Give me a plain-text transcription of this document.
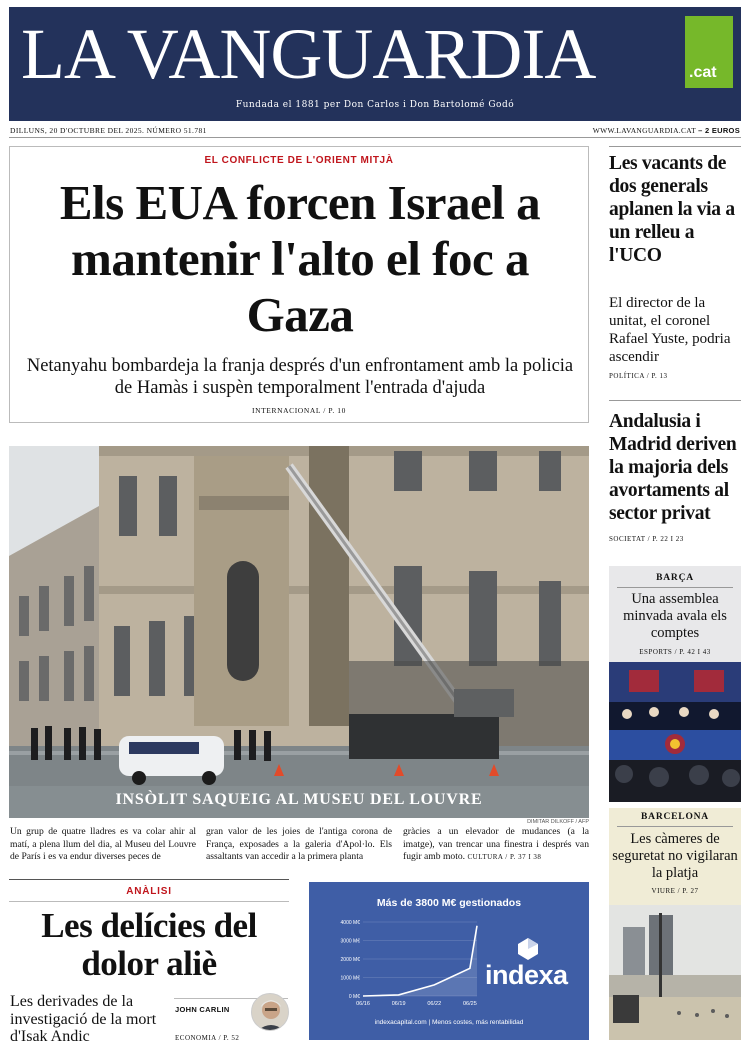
LA VANGUARDIA	.cat
Fundada el 1881 per Don Carlos i Don Bartolomé Godó
DILLUNS, 20 D'OCTUBRE DEL 2025. NÚMERO 51.781	WWW.LAVANGUARDIA.CAT – 2 EUROS
EL CONFLICTE DE L'ORIENT MITJÀ
Els EUA forcen Israel a mantenir l'alto el foc a Gaza
Netanyahu bombardeja la franja després d'un enfrontament amb la policia de Hamàs i suspèn temporalment l'entrada d'ajuda
INTERNACIONAL / P. 10
INSÒLIT SAQUEIG AL MUSEU DEL LOUVRE
DIMITAR DILKOFF / AFP
Un grup de quatre lladres es va colar ahir al matí, a plena llum del dia, al Museu del Louvre de París i es va endur diverses peces de
gran valor de les joies de l'antiga corona de França, exposades a la galeria d'Apol·lo. Els assaltants van accedir a la primera planta
gràcies a un elevador de mudances (a la imatge), van trencar una finestra i després van fugir amb moto. CULTURA / P. 37 I 38
ANÀLISI
Les delícies del dolor aliè
Les derivades de la investigació de la mort d'Isak Andic
JOHN CARLIN
ECONOMIA / P. 52
Más de 3800 M€ gestionados
0 M€
1000 M€
2000 M€
3000 M€
4000 M€
06/16	06/19	06/22	06/25
indexa
indexacapital.com | Menos costes, más rentabilidad
Les vacants de dos generals aplanen la via a un relleu a l'UCO
El director de la unitat, el coronel Rafael Yuste, podria ascendir
POLÍTICA / P. 13
Andalusia i Madrid deriven la majoria dels avortaments al sector privat
SOCIETAT / P. 22 I 23
BARÇA
Una assemblea minvada avala els comptes
ESPORTS / P. 42 I 43
BARCELONA
Les càmeres de seguretat no vigilaran la platja
VIURE / P. 27
